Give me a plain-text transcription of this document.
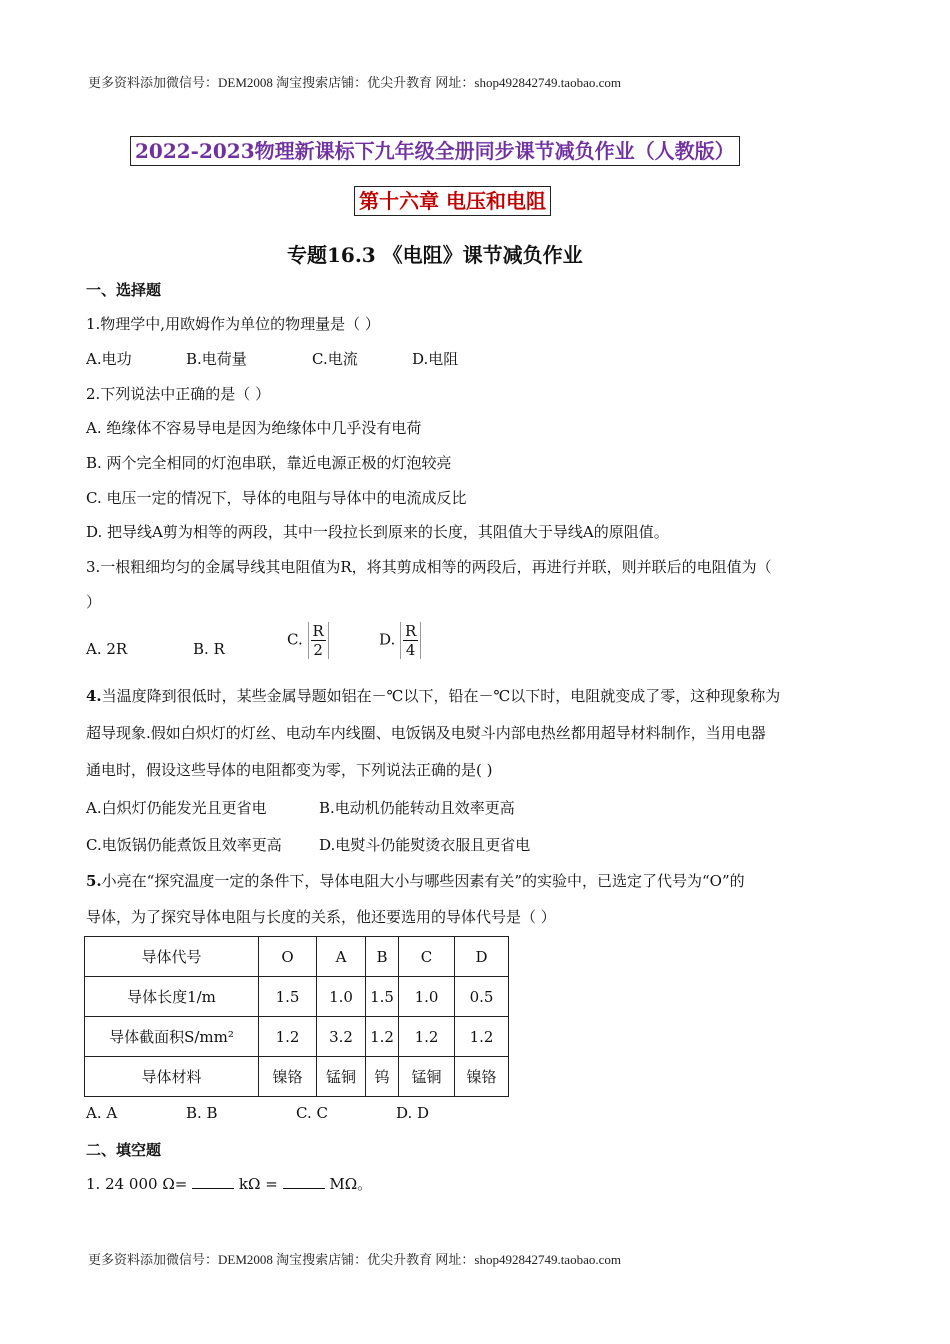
更多资料添加微信号：DEM2008 淘宝搜索店铺：优尖升教育 网址：shop492842749.taobao.com
2022-2023物理新课标下九年级全册同步课节减负作业（人教版）
第十六章 电压和电阻
专题16.3 《电阻》课节减负作业
一、选择题
1.物理学中,用欧姆作为单位的物理量是（ ）
A.电功	B.电荷量	C.电流	D.电阻
2.下列说法中正确的是（ ）
A. 绝缘体不容易导电是因为绝缘体中几乎没有电荷
B. 两个完全相同的灯泡串联，靠近电源正极的灯泡较亮
C. 电压一定的情况下，导体的电阻与导体中的电流成反比
D. 把导线A剪为相等的两段，其中一段拉长到原来的长度，其阻值大于导线A的原阻值。
3.一根粗细均匀的金属导线其电阻值为R，将其剪成相等的两段后，再进行并联，则并联后的电阻值为（
）
A. 2R	B. R
C. $\frac{R}{2}$	D. $\frac{R}{4}$
4.当温度降到很低时，某些金属导题如铝在－℃以下，铅在－℃以下时，电阻就变成了零，这种现象称为
超导现象.假如白炽灯的灯丝、电动车内线圈、电饭锅及电熨斗内部电热丝都用超导材料制作，当用电器
通电时，假设这些导体的电阻都变为零，下列说法正确的是( )
A.白炽灯仍能发光且更省电	B.电动机仍能转动且效率更高
C.电饭锅仍能煮饭且效率更高 D.电熨斗仍能熨烫衣服且更省电
5.小亮在“探究温度一定的条件下，导体电阻大小与哪些因素有关”的实验中，已选定了代号为“O”的
导体，为了探究导体电阻与长度的关系，他还要选用的导体代号是（ ）
导体代号	O	A	B	C	D
导体长度1/m	1.5	1.0	1.5	1.0	0.5
导体截面积S/mm²	1.2	3.2	1.2	1.2	1.2
导体材料	镍铬	锰铜	钨	锰铜	镍铬
A. A	B. B	C. C	D. D
二、填空题
1. 24 000 Ω=	kΩ =	MΩ。
更多资料添加微信号：DEM2008 淘宝搜索店铺：优尖升教育 网址：shop492842749.taobao.com
